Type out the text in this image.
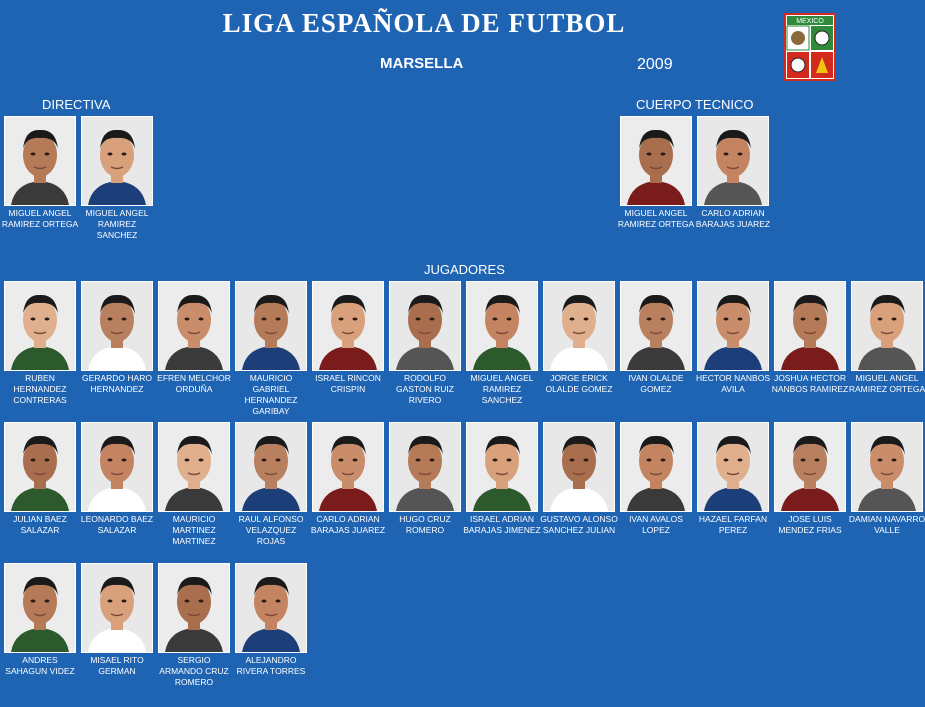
LIGA ESPAÑOLA DE FUTBOL
MARSELLA	2009
MEXICO
DIRECTIVA	CUERPO TECNICO
JUGADORES
MIGUEL ANGEL RAMIREZ ORTEGA
MIGUEL ANGEL RAMIREZ SANCHEZ
MIGUEL ANGEL RAMIREZ ORTEGA
CARLO ADRIAN BARAJAS JUAREZ
RUBEN HERNANDEZ CONTRERAS
GERARDO HARO HERNANDEZ
EFREN MELCHOR ORDUÑA
MAURICIO GABRIEL HERNANDEZ GARIBAY
ISRAEL RINCON CRISPIN
RODOLFO GASTON RUIZ RIVERO
MIGUEL ANGEL RAMIREZ SANCHEZ
JORGE ERICK OLALDE GOMEZ
IVAN OLALDE GOMEZ
HECTOR NANBOS AVILA
JOSHUA HECTOR NANBOS RAMIREZ
MIGUEL ANGEL RAMIREZ ORTEGA
JULIAN BAEZ SALAZAR
LEONARDO BAEZ SALAZAR
MAURICIO MARTINEZ MARTINEZ
RAUL ALFONSO VELAZQUEZ ROJAS
CARLO ADRIAN BARAJAS JUAREZ
HUGO CRUZ ROMERO
ISRAEL ADRIAN BARAJAS JIMENEZ
GUSTAVO ALONSO SANCHEZ JULIAN
IVAN AVALOS LOPEZ
HAZAEL FARFAN PEREZ
JOSE LUIS MENDEZ FRIAS
DAMIAN NAVARRO VALLE
ANDRES SAHAGUN VIDEZ
MISAEL RITO GERMAN
SERGIO ARMANDO CRUZ ROMERO
ALEJANDRO RIVERA TORRES
